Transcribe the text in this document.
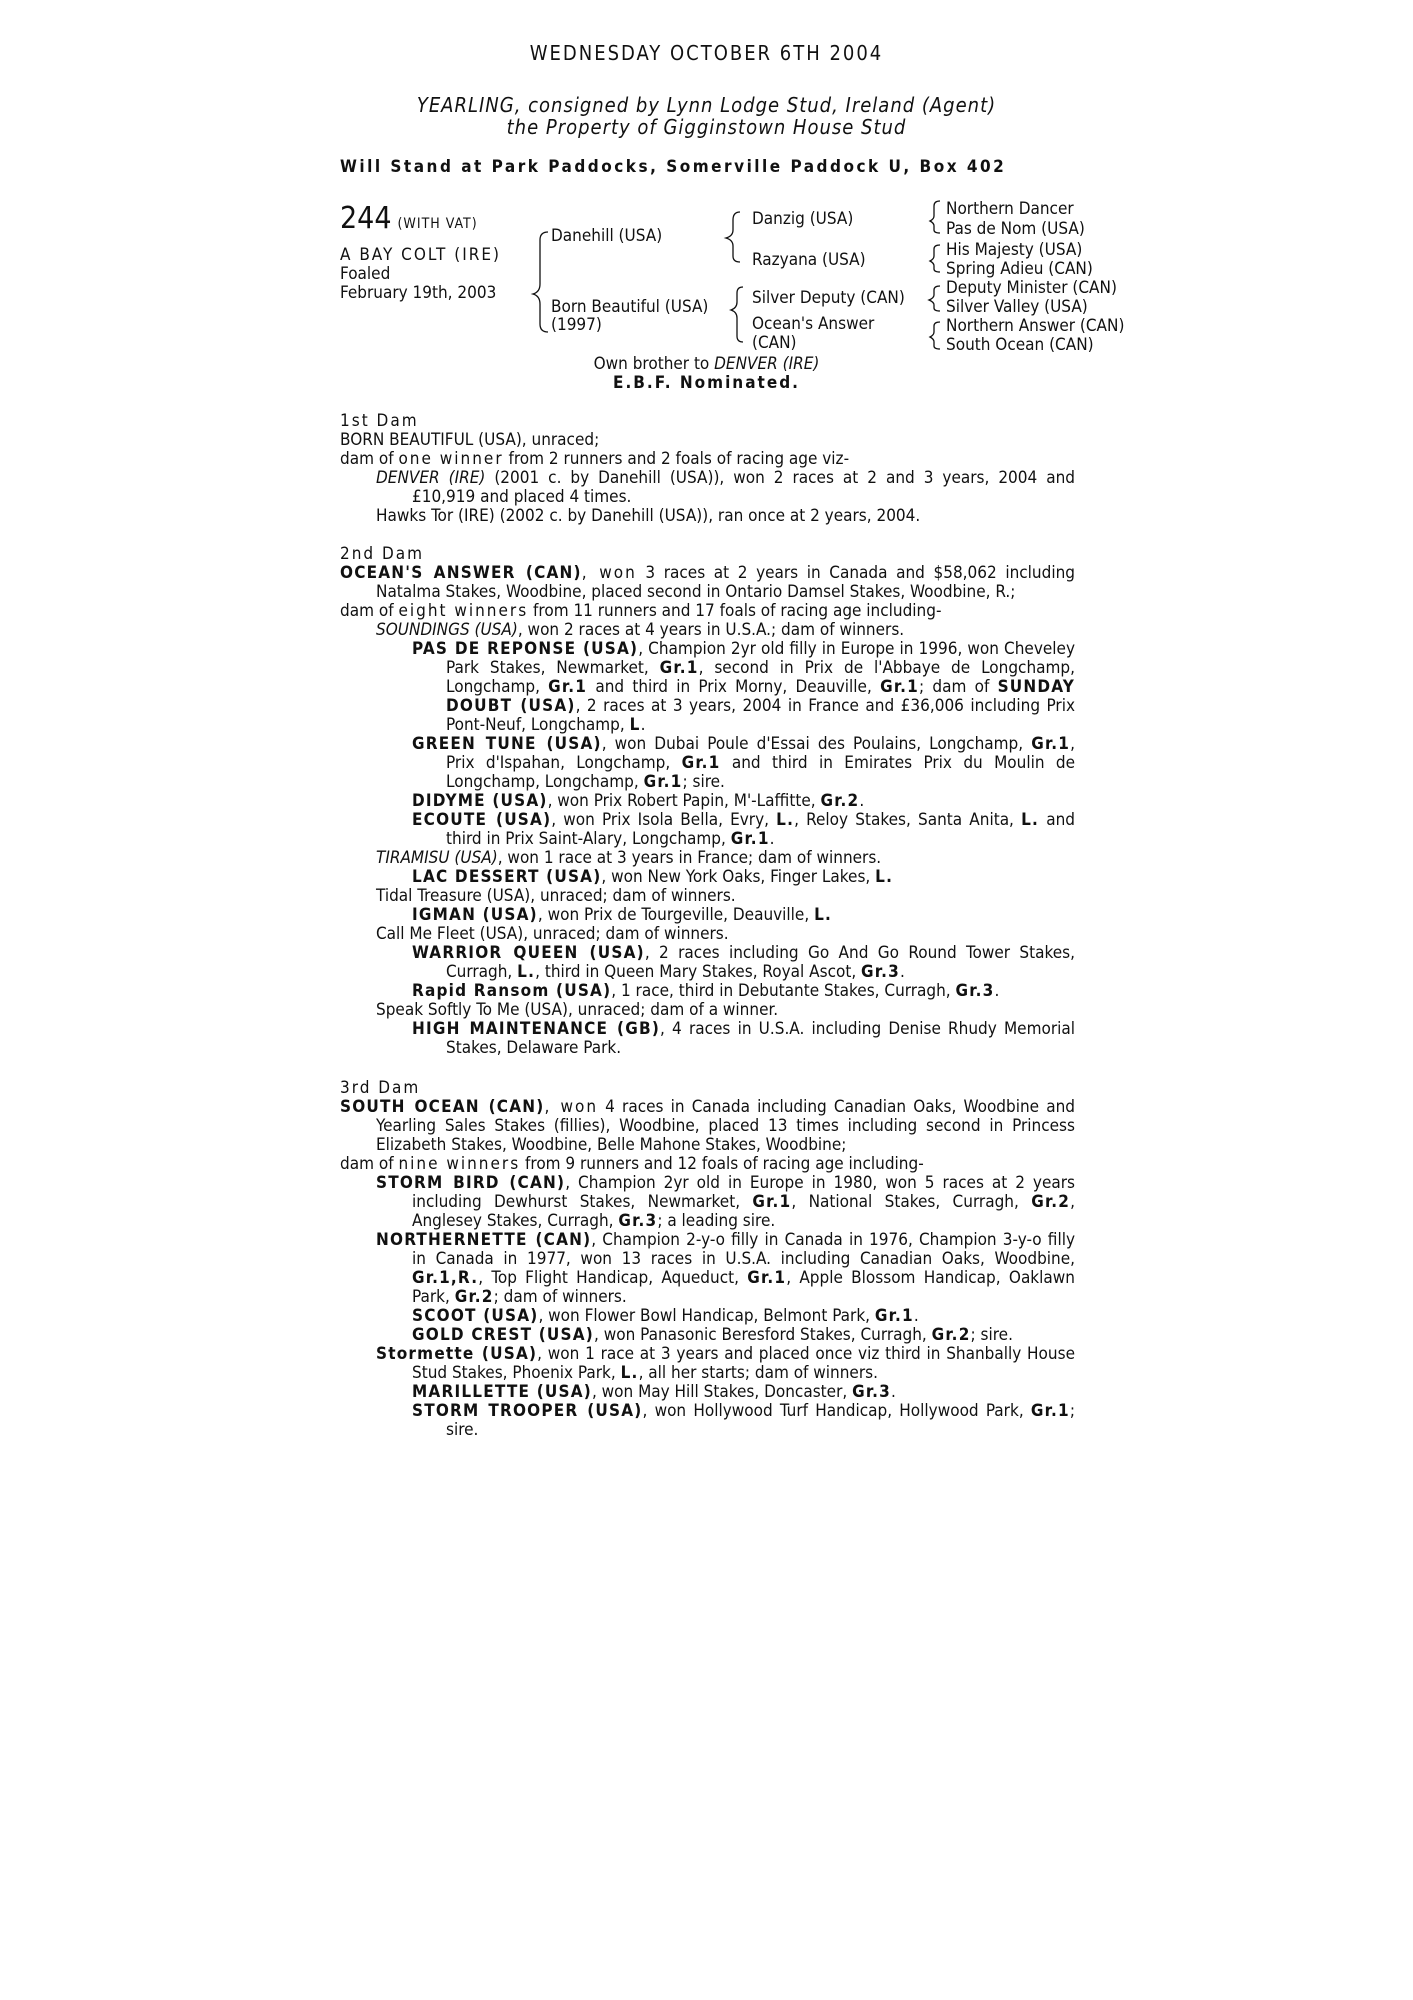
WEDNESDAY OCTOBER 6TH 2004
YEARLING, consigned by Lynn Lodge Stud, Ireland (Agent)
the Property of Gigginstown House Stud
Will Stand at Park Paddocks, Somerville Paddock U, Box 402
244 (WITH VAT)
A BAY COLT (IRE)
Foaled
February 19th, 2003
Danehill (USA)
Born Beautiful (USA)
(1997)
Danzig (USA)
Razyana (USA)
Silver Deputy (CAN)
Ocean's Answer
(CAN)
Northern Dancer
Pas de Nom (USA)
His Majesty (USA)
Spring Adieu (CAN)
Deputy Minister (CAN)
Silver Valley (USA)
Northern Answer (CAN)
South Ocean (CAN)
Own brother to DENVER (IRE)
E.B.F. Nominated.

1st Dam

BORN BEAUTIFUL (USA), unraced;

dam of one winner from 2 runners and 2 foals of racing age viz-

DENVER (IRE) (2001 c. by Danehill (USA)), won 2 races at 2 and 3 years, 2004 and £10,919 and placed 4 times.

Hawks Tor (IRE) (2002 c. by Danehill (USA)), ran once at 2 years, 2004.

2nd Dam

OCEAN'S ANSWER (CAN), won 3 races at 2 years in Canada and $58,062 including Natalma Stakes, Woodbine, placed second in Ontario Damsel Stakes, Woodbine, R.;

dam of eight winners from 11 runners and 17 foals of racing age including-

SOUNDINGS (USA), won 2 races at 4 years in U.S.A.; dam of winners.

PAS DE REPONSE (USA), Champion 2yr old filly in Europe in 1996, won Cheveley Park Stakes, Newmarket, Gr.1, second in Prix de l'Abbaye de Longchamp, Longchamp, Gr.1 and third in Prix Morny, Deauville, Gr.1; dam of SUNDAY DOUBT (USA), 2 races at 3 years, 2004 in France and £36,006 including Prix Pont-Neuf, Longchamp, L.

GREEN TUNE (USA), won Dubai Poule d'Essai des Poulains, Longchamp, Gr.1, Prix d'Ispahan, Longchamp, Gr.1 and third in Emirates Prix du Moulin de Longchamp, Longchamp, Gr.1; sire.

DIDYME (USA), won Prix Robert Papin, M'-Laffitte, Gr.2.

ECOUTE (USA), won Prix Isola Bella, Evry, L., Reloy Stakes, Santa Anita, L. and third in Prix Saint-Alary, Longchamp, Gr.1.

TIRAMISU (USA), won 1 race at 3 years in France; dam of winners.

LAC DESSERT (USA), won New York Oaks, Finger Lakes, L.

Tidal Treasure (USA), unraced; dam of winners.

IGMAN (USA), won Prix de Tourgeville, Deauville, L.

Call Me Fleet (USA), unraced; dam of winners.

WARRIOR QUEEN (USA), 2 races including Go And Go Round Tower Stakes, Curragh, L., third in Queen Mary Stakes, Royal Ascot, Gr.3.

Rapid Ransom (USA), 1 race, third in Debutante Stakes, Curragh, Gr.3.

Speak Softly To Me (USA), unraced; dam of a winner.

HIGH MAINTENANCE (GB), 4 races in U.S.A. including Denise Rhudy Memorial Stakes, Delaware Park.

3rd Dam

SOUTH OCEAN (CAN), won 4 races in Canada including Canadian Oaks, Woodbine and Yearling Sales Stakes (fillies), Woodbine, placed 13 times including second in Princess Elizabeth Stakes, Woodbine, Belle Mahone Stakes, Woodbine;

dam of nine winners from 9 runners and 12 foals of racing age including-

STORM BIRD (CAN), Champion 2yr old in Europe in 1980, won 5 races at 2 years including Dewhurst Stakes, Newmarket, Gr.1, National Stakes, Curragh, Gr.2, Anglesey Stakes, Curragh, Gr.3; a leading sire.

NORTHERNETTE (CAN), Champion 2-y-o filly in Canada in 1976, Champion 3-y-o filly in Canada in 1977, won 13 races in U.S.A. including Canadian Oaks, Woodbine, Gr.1,R., Top Flight Handicap, Aqueduct, Gr.1, Apple Blossom Handicap, Oaklawn Park, Gr.2; dam of winners.

SCOOT (USA), won Flower Bowl Handicap, Belmont Park, Gr.1.

GOLD CREST (USA), won Panasonic Beresford Stakes, Curragh, Gr.2; sire.

Stormette (USA), won 1 race at 3 years and placed once viz third in Shanbally House Stud Stakes, Phoenix Park, L., all her starts; dam of winners.

MARILLETTE (USA), won May Hill Stakes, Doncaster, Gr.3.

STORM TROOPER (USA), won Hollywood Turf Handicap, Hollywood Park, Gr.1; sire.
